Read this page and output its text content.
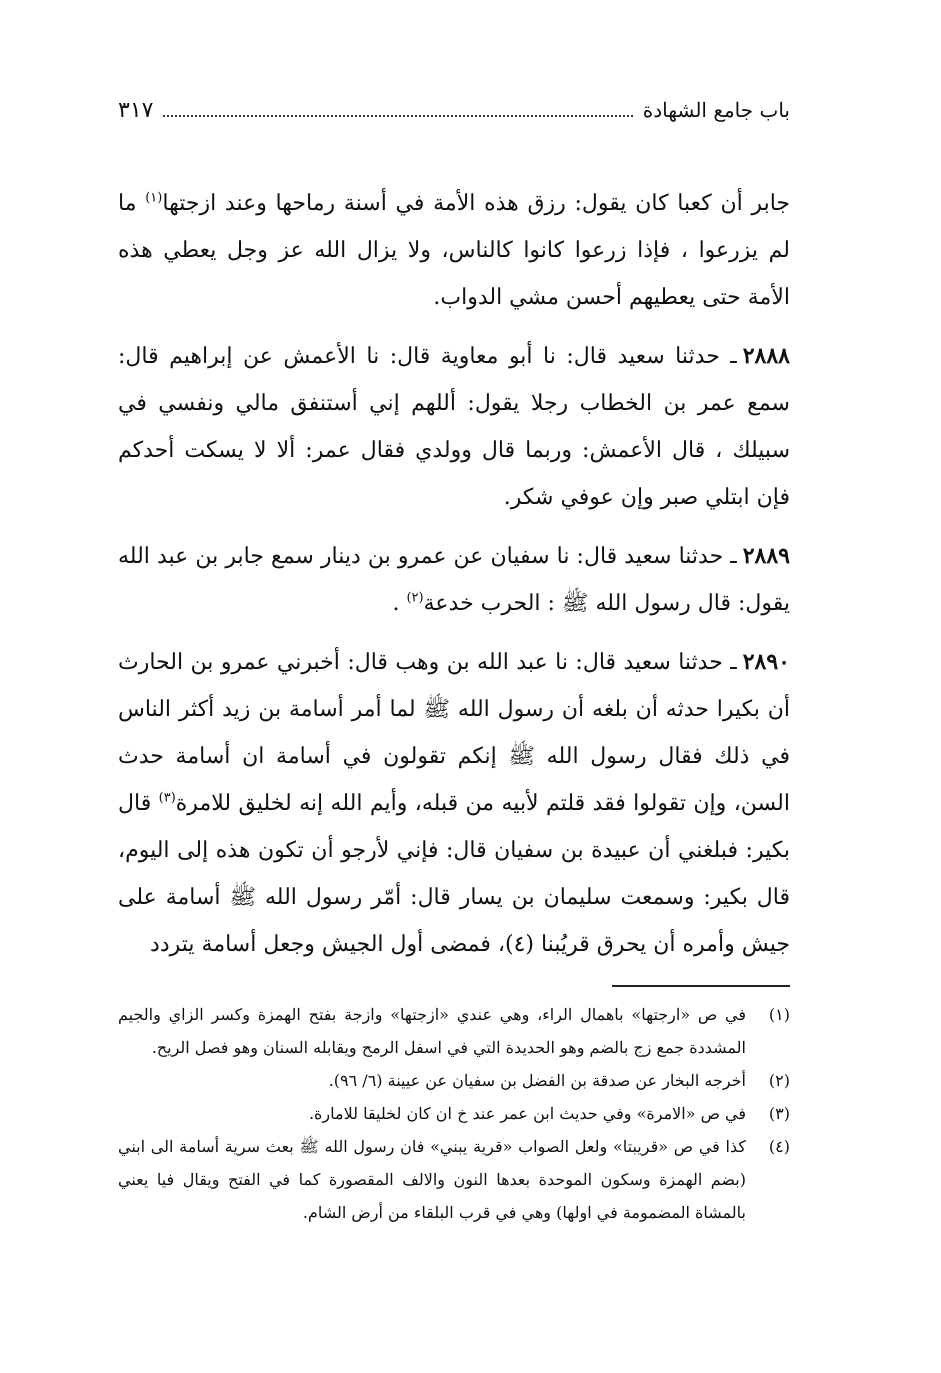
باب جامع الشهادة
٣١٧

جابر أن كعبا كان يقول: رزق هذه الأمة في أسنة رماحها وعند ازجتها$^{(١)}$ ما لم يزرعوا ، فإذا زرعوا كانوا كالناس، ولا يزال الله عز وجل يعطي هذه الأمة حتى يعطيهم أحسن مشي الدواب.

٢٨٨٨ـ حدثنا سعيد قال: نا أبو معاوية قال: نا الأعمش عن إبراهيم قال: سمع عمر بن الخطاب رجلا يقول: أللهم إني أستنفق مالي ونفسي في سبيلك ، قال الأعمش: وربما قال وولدي فقال عمر: ألا لا يسكت أحدكم فإن ابتلي صبر وإن عوفي شكر.

٢٨٨٩ـ حدثنا سعيد قال: نا سفيان عن عمرو بن دينار سمع جابر بن عبد الله يقول: قال رسول الله ﷺ : الحرب خدعة$^{(٢)}$ .

٢٨٩٠ـ حدثنا سعيد قال: نا عبد الله بن وهب قال: أخبرني عمرو بن الحارث أن بكيرا حدثه أن بلغه أن رسول الله ﷺ لما أمر أسامة بن زيد أكثر الناس في ذلك فقال رسول الله ﷺ إنكم تقولون في أسامة ان أسامة حدث السن، وإن تقولوا فقد قلتم لأبيه من قبله، وأيم الله إنه لخليق للامرة$^{(٣)}$ قال بكير: فبلغني أن عبيدة بن سفيان قال: فإني لأرجو أن تكون هذه إلى اليوم، قال بكير: وسمعت سليمان بن يسار قال: أمّر رسول الله ﷺ أسامة على جيش وأمره أن يحرق قريُبنا (٤)، فمضى أول الجيش وجعل أسامة يتردد

(١)
في ص «ارجتها» باهمال الراء، وهي عندي «ازجتها» وازجة بفتح الهمزة وكسر الزاي والجيم المشددة جمع زج بالضم وهو الحديدة التي في اسفل الرمح ويقابله السنان وهو فصل الريح.
(٢)
أخرجه البخار عن صدقة بن الفضل بن سفيان عن عيينة (٦/ ٩٦).
(٣)
في ص «الامرة» وفي حديث ابن عمر عند خ ان كان لخليقا للامارة.
(٤)
كذا في ص «قريبتا» ولعل الصواب «قرية يبني» فان رسول الله ﷺ بعث سرية أسامة الى ابني (بضم الهمزة وسكون الموحدة بعدها النون والالف المقصورة كما في الفتح ويقال فيا يعني بالمشاة المضمومة في اولها) وهي في قرب البلقاء من أرض الشام.
